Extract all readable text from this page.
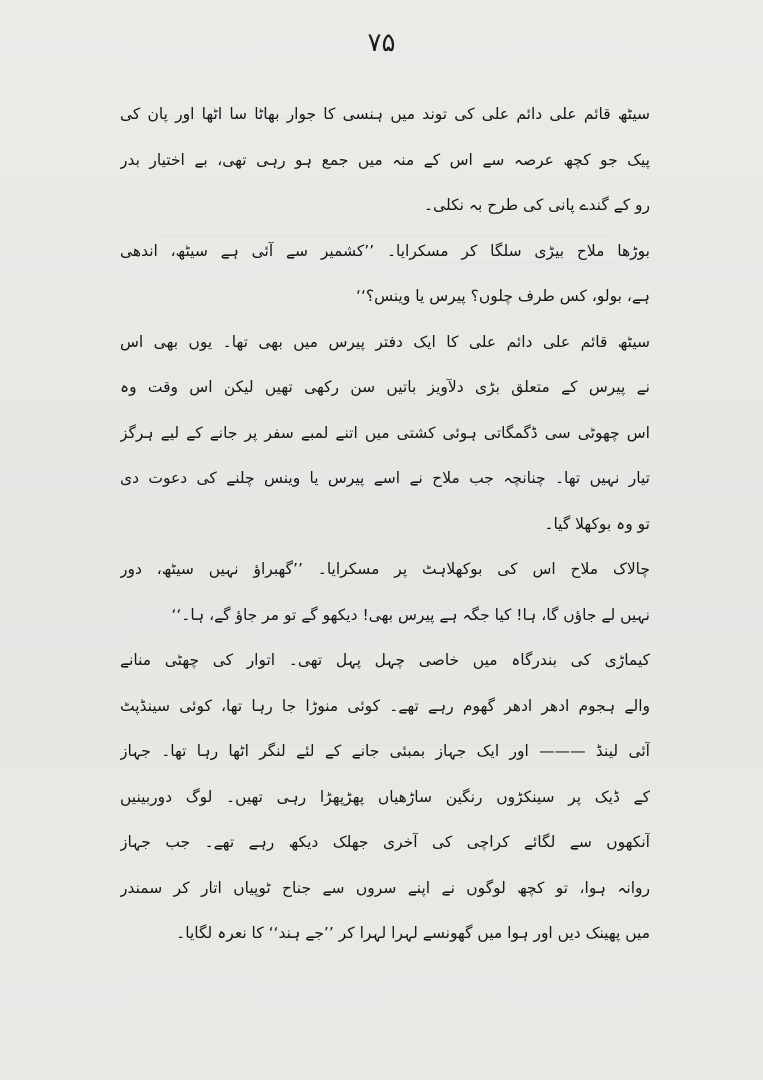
۷۵
سیٹھ قائم علی دائم علی کی توند میں ہنسی کا جوار بھاٹا سا اٹھا اور پان کی
پیک جو کچھ عرصہ سے اس کے منہ میں جمع ہو رہی تھی، بے اختیار بدر
رو کے گندے پانی کی طرح بہ نکلی۔
بوڑھا ملاح بیڑی سلگا کر مسکرایا۔ ’’کشمیر سے آئی ہے سیٹھ، اندھی
ہے، بولو، کس طرف چلوں؟ پیرس یا وینس؟‘‘
سیٹھ قائم علی دائم علی کا ایک دفتر پیرس میں بھی تھا۔ یوں بھی اس
نے پیرس کے متعلق بڑی دلآویز باتیں سن رکھی تھیں لیکن اس وقت وہ
اس چھوٹی سی ڈگمگاتی ہوئی کشتی میں اتنے لمبے سفر پر جانے کے لیے ہرگز
تیار نہیں تھا۔ چنانچہ جب ملاح نے اسے پیرس یا وینس چلنے کی دعوت دی
تو وہ بوکھلا گیا۔
چالاک ملاح اس کی بوکھلاہٹ پر مسکرایا۔ ’’گھبراؤ نہیں سیٹھ، دور
نہیں لے جاؤں گا، ہا! کیا جگہ ہے پیرس بھی! دیکھو گے تو مر جاؤ گے، ہا۔‘‘
کیماڑی کی بندرگاہ میں خاصی چہل پہل تھی۔ اتوار کی چھٹی منانے
والے ہجوم ادھر ادھر گھوم رہے تھے۔ کوئی منوڑا جا رہا تھا، کوئی سینڈپٹ
آئی لینڈ ——— اور ایک جہاز بمبئی جانے کے لئے لنگر اٹھا رہا تھا۔ جہاز
کے ڈیک پر سینکڑوں رنگین ساڑھیاں پھڑپھڑا رہی تھیں۔ لوگ دوربینیں
آنکھوں سے لگائے کراچی کی آخری جھلک دیکھ رہے تھے۔ جب جہاز
روانہ ہوا، تو کچھ لوگوں نے اپنے سروں سے جناح ٹوپیاں اتار کر سمندر
میں پھینک دیں اور ہوا میں گھونسے لہرا لہرا کر ’’جے ہند‘‘ کا نعرہ لگایا۔
